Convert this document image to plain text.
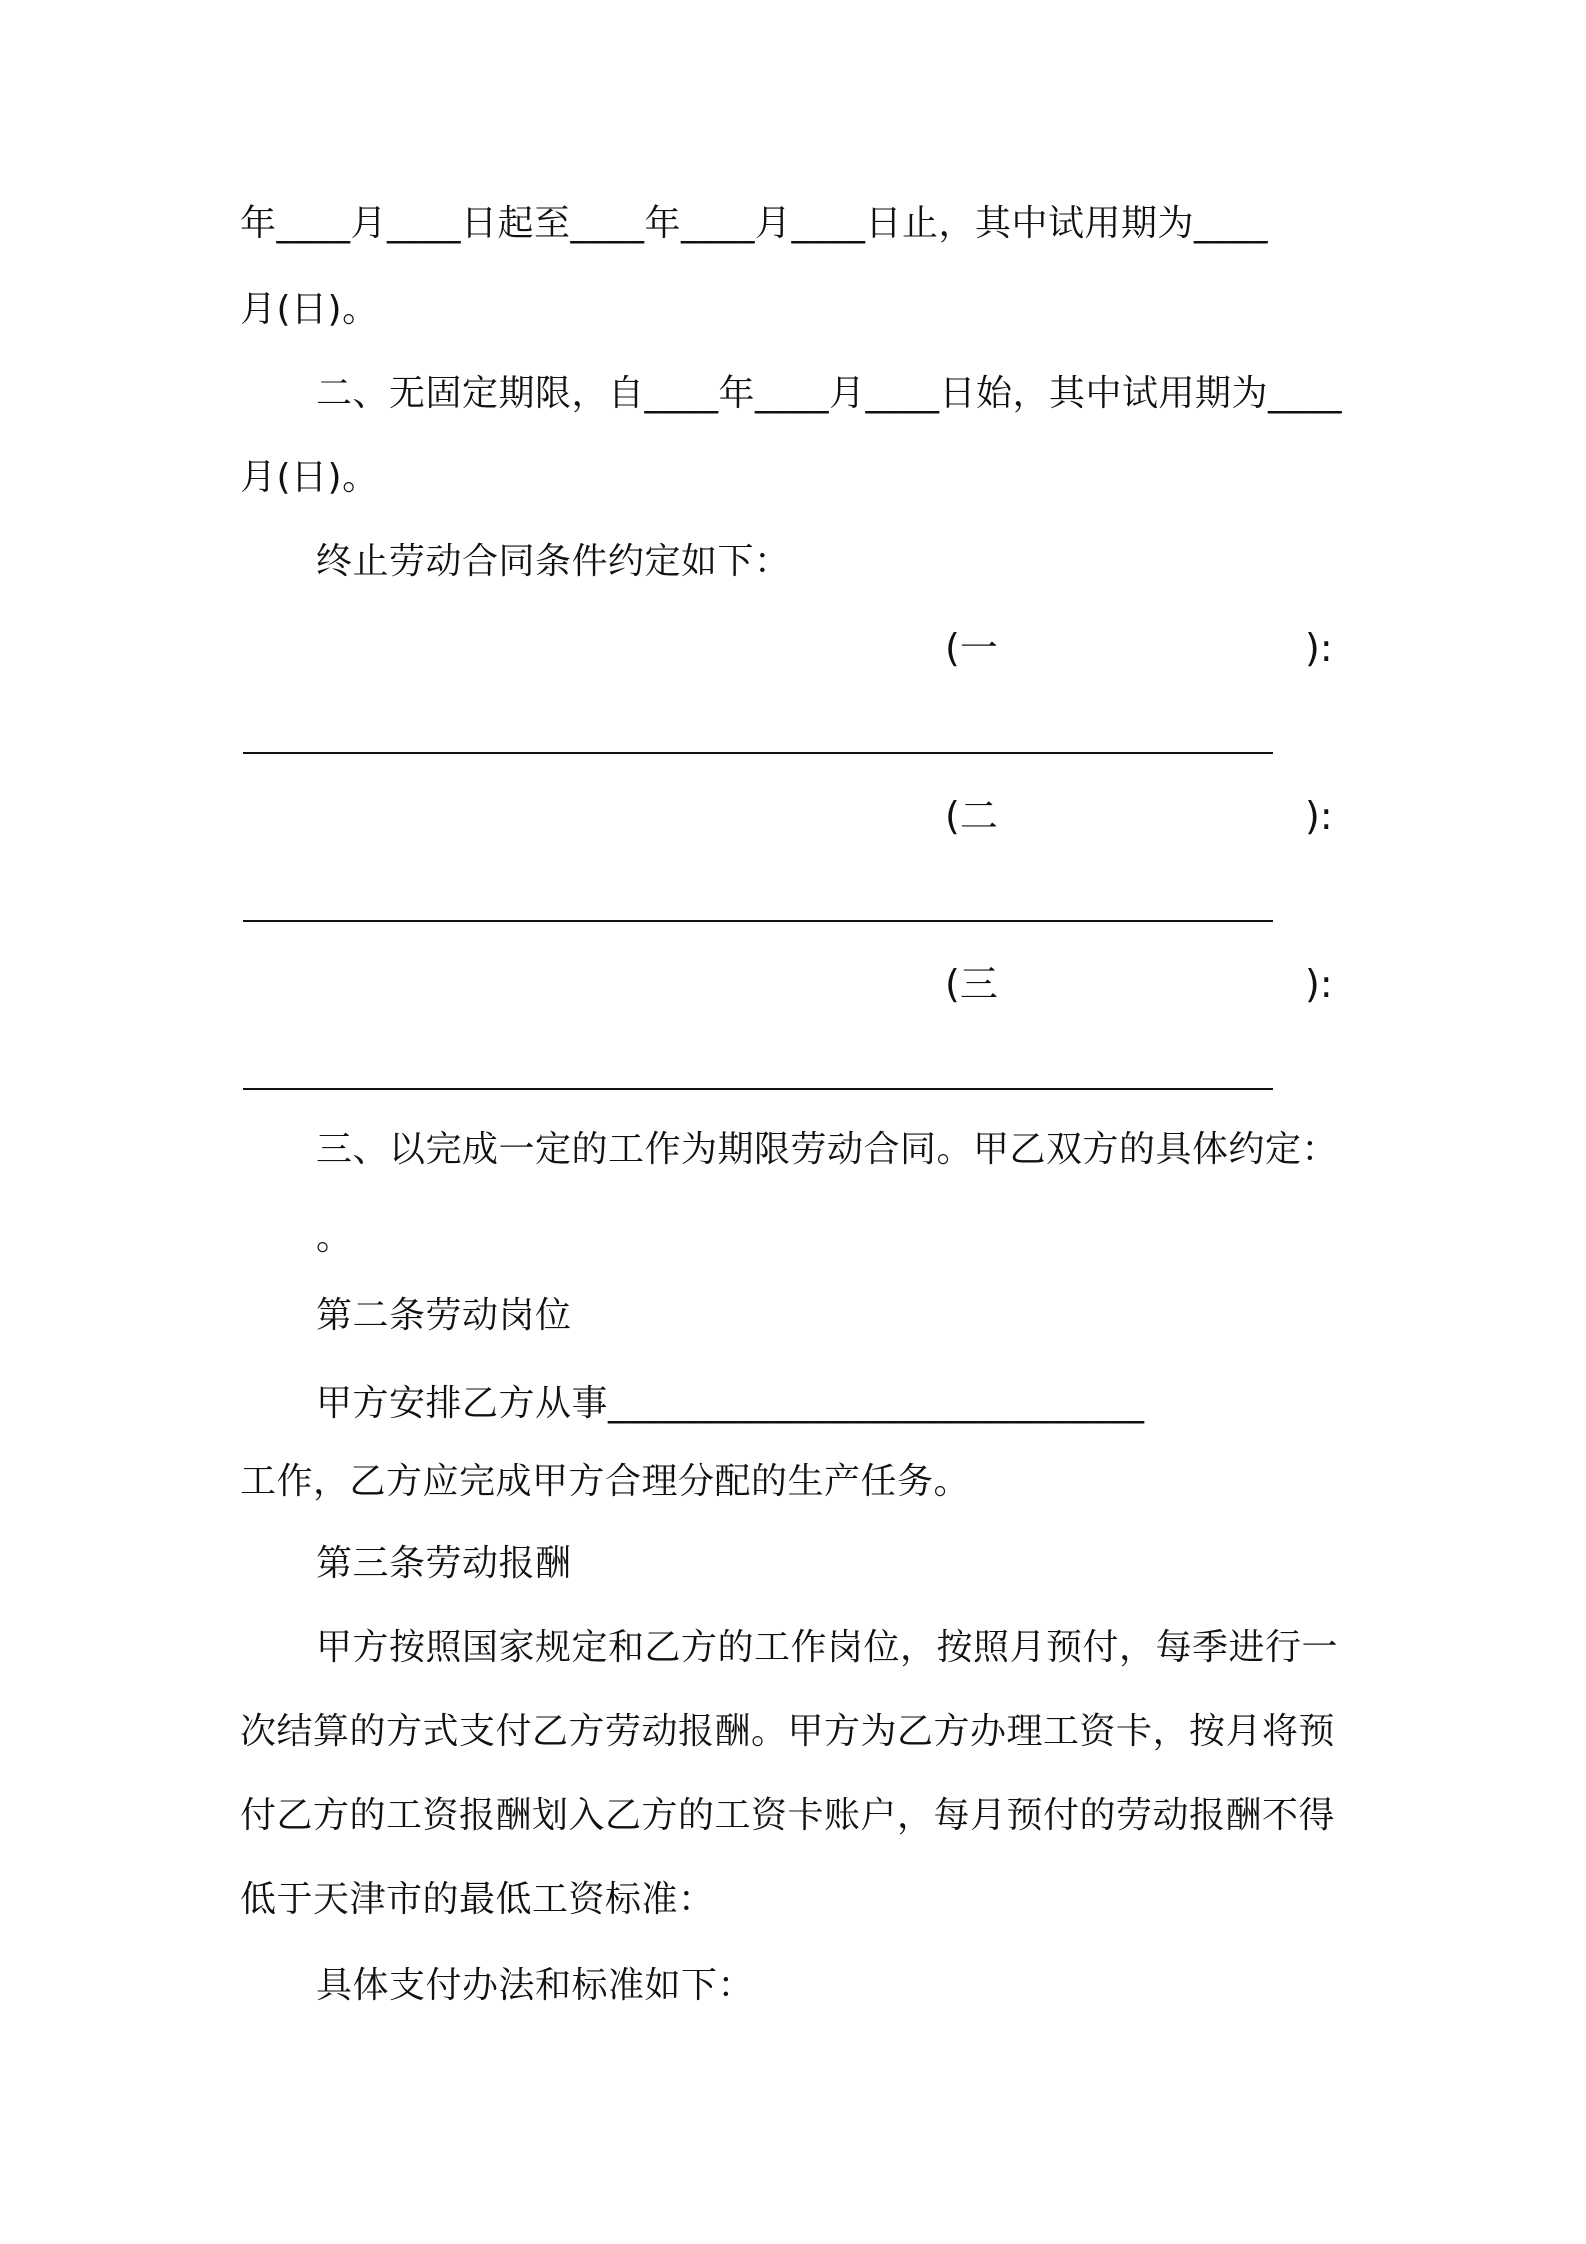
年____月____日起至____年____月____日止，其中试用期为____
月(日)。
二、无固定期限，自____年____月____日始，其中试用期为____
月(日)。
终止劳动合同条件约定如下：
(一	):
(二	):
(三	):
三、以完成一定的工作为期限劳动合同。甲乙双方的具体约定：
。
第二条劳动岗位
甲方安排乙方从事_____________________________
工作，乙方应完成甲方合理分配的生产任务。
第三条劳动报酬
甲方按照国家规定和乙方的工作岗位，按照月预付，每季进行一
次结算的方式支付乙方劳动报酬。甲方为乙方办理工资卡，按月将预
付乙方的工资报酬划入乙方的工资卡账户，每月预付的劳动报酬不得
低于天津市的最低工资标准：
具体支付办法和标准如下：
